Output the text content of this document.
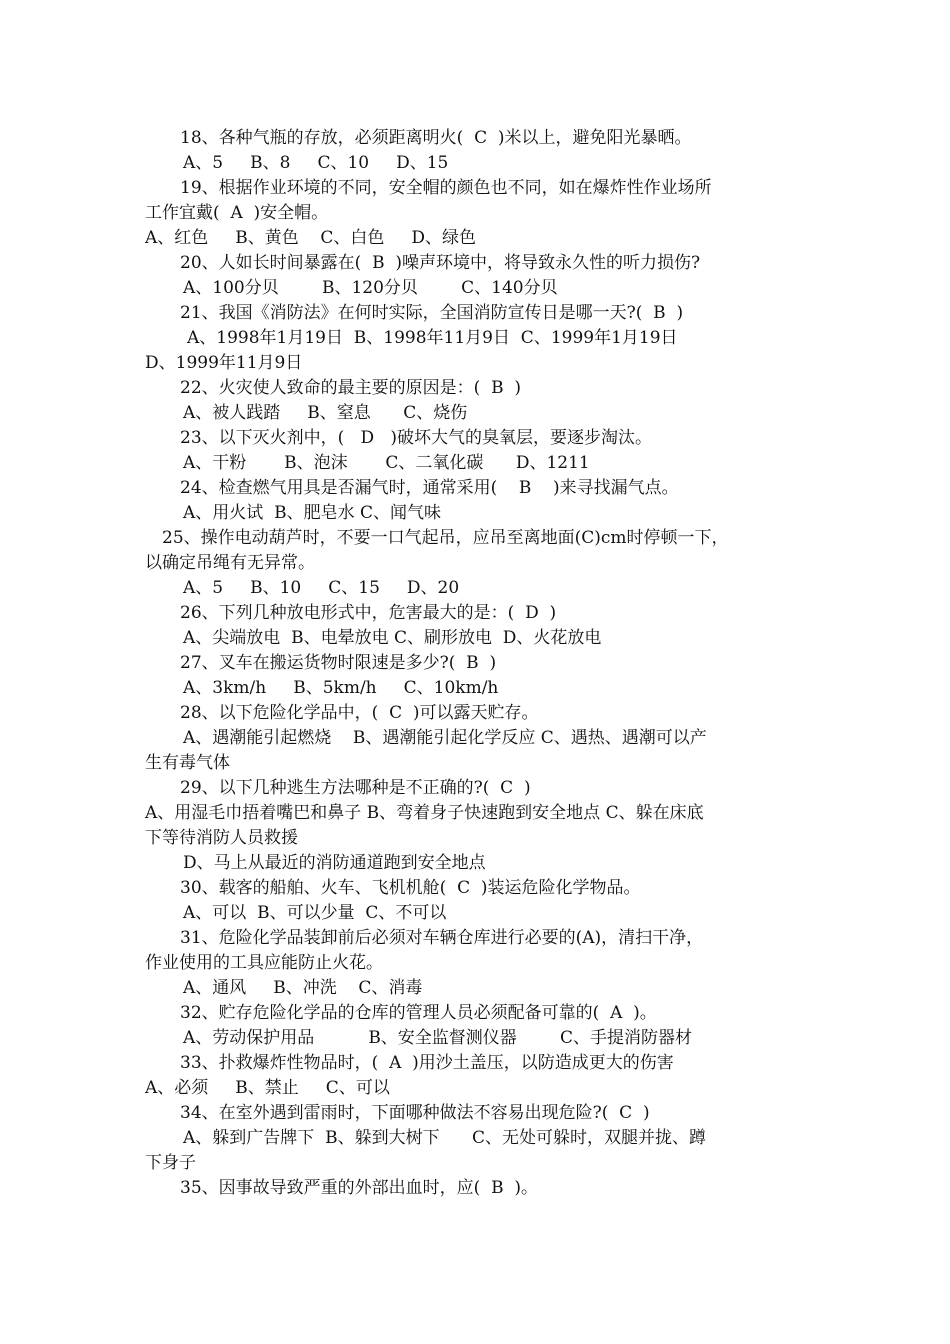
18、各种气瓶的存放，必须距离明火(  C  )米以上，避免阳光暴晒。
A、5     B、8     C、10     D、15
19、根据作业环境的不同，安全帽的颜色也不同，如在爆炸性作业场所
工作宜戴(  A  )安全帽。
A、红色     B、黄色    C、白色     D、绿色
20、人如长时间暴露在(  B  )噪声环境中，将导致永久性的听力损伤?
A、100分贝        B、120分贝        C、140分贝
21、我国《消防法》在何时实际，全国消防宣传日是哪一天?(  B  )
A、1998年1月19日  B、1998年11月9日  C、1999年1月19日
D、1999年11月9日
22、火灾使人致命的最主要的原因是：(  B  )
A、被人践踏     B、窒息      C、烧伤
23、以下灭火剂中，(   D   )破坏大气的臭氧层，要逐步淘汰。
A、干粉       B、泡沫       C、二氧化碳      D、1211
24、检查燃气用具是否漏气时，通常采用(    B    )来寻找漏气点。
A、用火试  B、肥皂水 C、闻气味
25、操作电动葫芦时，不要一口气起吊，应吊至离地面(C)cm时停顿一下，
以确定吊绳有无异常。
A、5     B、10     C、15     D、20
26、下列几种放电形式中，危害最大的是：(  D  )
A、尖端放电  B、电晕放电 C、刷形放电  D、火花放电
27、叉车在搬运货物时限速是多少?(  B  )
A、3km/h     B、5km/h     C、10km/h
28、以下危险化学品中，(  C  )可以露天贮存。
A、遇潮能引起燃烧    B、遇潮能引起化学反应 C、遇热、遇潮可以产
生有毒气体
29、以下几种逃生方法哪种是不正确的?(  C  )
A、用湿毛巾捂着嘴巴和鼻子 B、弯着身子快速跑到安全地点 C、躲在床底
下等待消防人员救援
D、马上从最近的消防通道跑到安全地点
30、载客的船舶、火车、飞机机舱(  C  )装运危险化学物品。
A、可以  B、可以少量  C、不可以
31、危险化学品装卸前后必须对车辆仓库进行必要的(A)，清扫干净，
作业使用的工具应能防止火花。
A、通风     B、冲洗    C、消毒
32、贮存危险化学品的仓库的管理人员必须配备可靠的(  A  )。
A、劳动保护用品          B、安全监督测仪器        C、手提消防器材
33、扑救爆炸性物品时，(  A  )用沙土盖压，以防造成更大的伤害
A、必须     B、禁止     C、可以
34、在室外遇到雷雨时，下面哪种做法不容易出现危险?(  C  )
A、躲到广告牌下  B、躲到大树下      C、无处可躲时，双腿并拢、蹲
下身子
35、因事故导致严重的外部出血时，应(  B  )。
